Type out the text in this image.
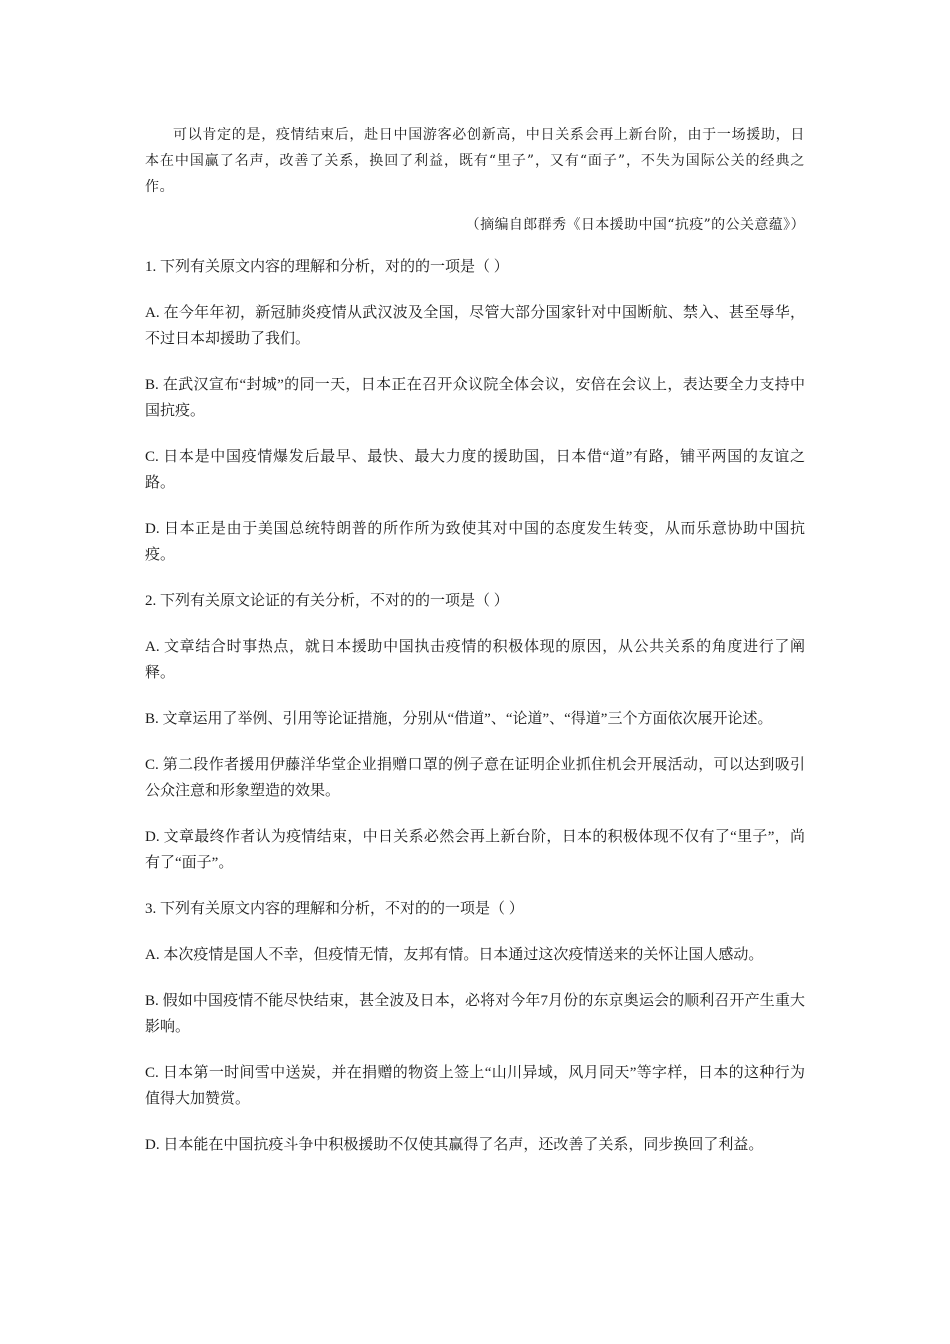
可以肯定的是，疫情结束后，赴日中国游客必创新高，中日关系会再上新台阶，由于一场援助，日本在中国赢了名声，改善了关系，换回了利益，既有“里子”，又有“面子”，不失为国际公关的经典之作。

（摘编自郎群秀《日本援助中国“抗疫”的公关意蕴》）

1. 下列有关原文内容的理解和分析，对的的一项是（ ）

A. 在今年年初，新冠肺炎疫情从武汉波及全国，尽管大部分国家针对中国断航、禁入、甚至辱华，不过日本却援助了我们。

B. 在武汉宣布“封城”的同一天，日本正在召开众议院全体会议，安倍在会议上，表达要全力支持中国抗疫。

C. 日本是中国疫情爆发后最早、最快、最大力度的援助国，日本借“道”有路，铺平两国的友谊之路。

D. 日本正是由于美国总统特朗普的所作所为致使其对中国的态度发生转变，从而乐意协助中国抗疫。

2. 下列有关原文论证的有关分析，不对的的一项是（ ）

A. 文章结合时事热点，就日本援助中国执击疫情的积极体现的原因，从公共关系的角度进行了阐释。

B. 文章运用了举例、引用等论证措施，分别从“借道”、“论道”、“得道”三个方面依次展开论述。

C. 第二段作者援用伊藤洋华堂企业捐赠口罩的例子意在证明企业抓住机会开展活动，可以达到吸引公众注意和形象塑造的效果。

D. 文章最终作者认为疫情结束，中日关系必然会再上新台阶，日本的积极体现不仅有了“里子”，尚有了“面子”。

3. 下列有关原文内容的理解和分析，不对的的一项是（ ）

A. 本次疫情是国人不幸，但疫情无情，友邦有情。日本通过这次疫情送来的关怀让国人感动。

B. 假如中国疫情不能尽快结束，甚全波及日本，必将对今年7月份的东京奥运会的顺利召开产生重大影响。

C. 日本第一时间雪中送炭，并在捐赠的物资上签上“山川异域，风月同天”等字样，日本的这种行为值得大加赞赏。

D. 日本能在中国抗疫斗争中积极援助不仅使其赢得了名声，还改善了关系，同步换回了利益。
